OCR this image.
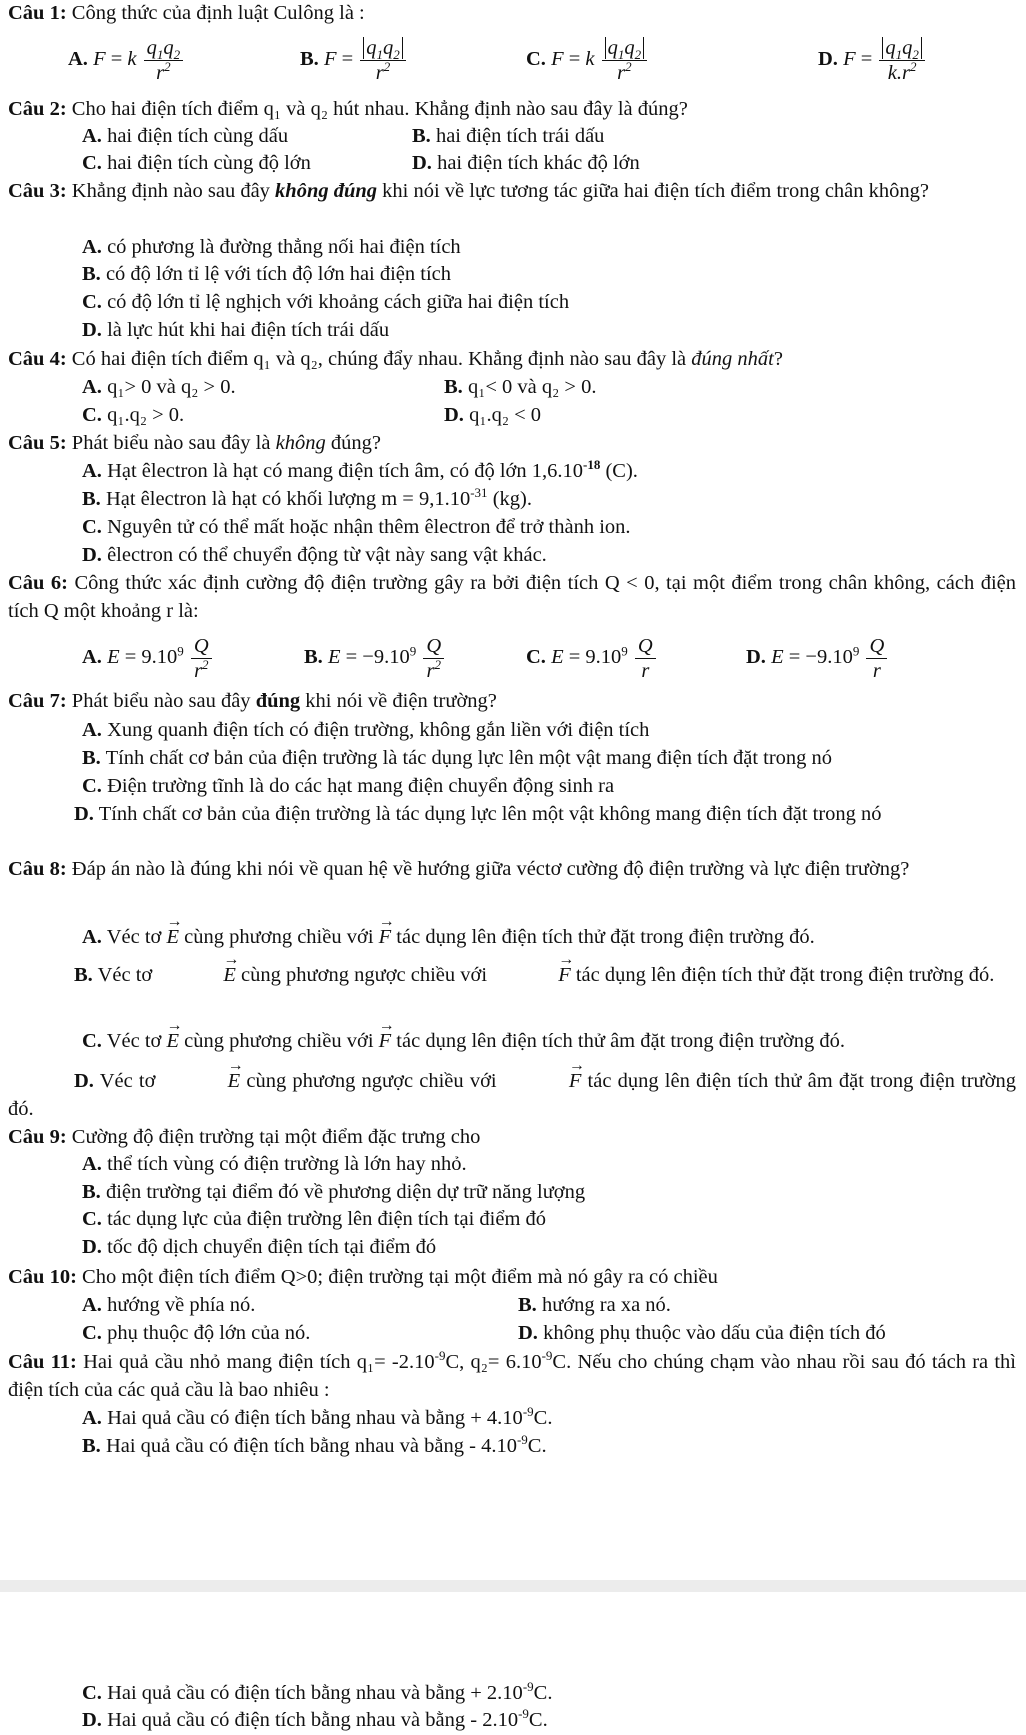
Câu 1: Công thức của định luật Culông là :
A. F = k $\frac{q_1q_2}{r^2}$	B. $F = \frac{q_1q_2}{r^2}$	C. F = k $\frac{q_1q_2}{r^2}$	D. $F = \frac{q_1q_2}{k.r^2}$
Câu 2: Cho hai điện tích điểm q₁ và q₂ hút nhau. Khẳng định nào sau đây là đúng?
A. hai điện tích cùng dấu	B. hai điện tích trái dấu
C. hai điện tích cùng độ lớn	D. hai điện tích khác độ lớn
Câu 3: Khẳng định nào sau đây không đúng khi nói về lực tương tác giữa hai điện tích điểm trong chân không?
A. có phương là đường thẳng nối hai điện tích
B. có độ lớn tỉ lệ với tích độ lớn hai điện tích
C. có độ lớn tỉ lệ nghịch với khoảng cách giữa hai điện tích
D. là lực hút khi hai điện tích trái dấu
Câu 4: Có hai điện tích điểm q₁ và q₂, chúng đẩy nhau. Khẳng định nào sau đây là đúng nhất?
A. q₁> 0 và q₂ > 0.	B. q₁< 0 và q₂ > 0.
C. q₁.q₂ > 0.	D. q₁.q₂ < 0
Câu 5: Phát biểu nào sau đây là không đúng?
A. Hạt êlectron là hạt có mang điện tích âm, có độ lớn $1,6.10^{-18}$ (C).
B. Hạt êlectron là hạt có khối lượng $m = 9,1.10^{-31}$ (kg).
C. Nguyên tử có thể mất hoặc nhận thêm êlectron để trở thành ion.
D. êlectron có thể chuyển động từ vật này sang vật khác.
Câu 6: Công thức xác định cường độ điện trường gây ra bởi điện tích Q < 0, tại một điểm trong chân không, cách điện tích Q một khoảng r là:
A. $E = 9.10^9 \frac{Q}{r^2}$	B. $E = -9.10^9 \frac{Q}{r^2}$	C. $E = 9.10^9 \frac{Q}{r}$	D. $E = -9.10^9 \frac{Q}{r}$
Câu 7: Phát biểu nào sau đây đúng khi nói về điện trường?
A. Xung quanh điện tích có điện trường, không gắn liền với điện tích
B. Tính chất cơ bản của điện trường là tác dụng lực lên một vật mang điện tích đặt trong nó
C. Điện trường tĩnh là do các hạt mang điện chuyển động sinh ra
D. Tính chất cơ bản của điện trường là tác dụng lực lên một vật không mang điện tích đặt trong nó
Câu 8: Đáp án nào là đúng khi nói về quan hệ về hướng giữa véctơ cường độ điện trường và lực điện trường?
A. Véc tơ → E cùng phương chiều với → F tác dụng lên điện tích thử đặt trong điện trường đó.
B. Véc tơ	→ E cùng phương ngược chiều với	→ F tác dụng lên điện tích thử đặt trong điện trường đó.
C. Véc tơ → E cùng phương chiều với → F tác dụng lên điện tích thử âm đặt trong điện trường đó.
D. Véc tơ	→ E cùng phương ngược chiều với	→ F tác dụng lên điện tích thử âm đặt trong điện trường đó.
Câu 9: Cường độ điện trường tại một điểm đặc trưng cho
A. thể tích vùng có điện trường là lớn hay nhỏ.
B. điện trường tại điểm đó về phương diện dự trữ năng lượng
C. tác dụng lực của điện trường lên điện tích tại điểm đó
D. tốc độ dịch chuyển điện tích tại điểm đó
Câu 10: Cho một điện tích điểm Q>0; điện trường tại một điểm mà nó gây ra có chiều
A. hướng về phía nó.	B. hướng ra xa nó.
C. phụ thuộc độ lớn của nó.	D. không phụ thuộc vào dấu của điện tích đó
Câu 11: Hai quả cầu nhỏ mang điện tích $q_1= -2.10^{-9}C$, $q_2= 6.10^{-9}C$. Nếu cho chúng chạm vào nhau rồi sau đó tách ra thì điện tích của các quả cầu là bao nhiêu :
A. Hai quả cầu có điện tích bằng nhau và bằng + $4.10^{-9}C$.
B. Hai quả cầu có điện tích bằng nhau và bằng - $4.10^{-9}C$.
C. Hai quả cầu có điện tích bằng nhau và bằng + $2.10^{-9}C$.
D. Hai quả cầu có điện tích bằng nhau và bằng - $2.10^{-9}C$.
